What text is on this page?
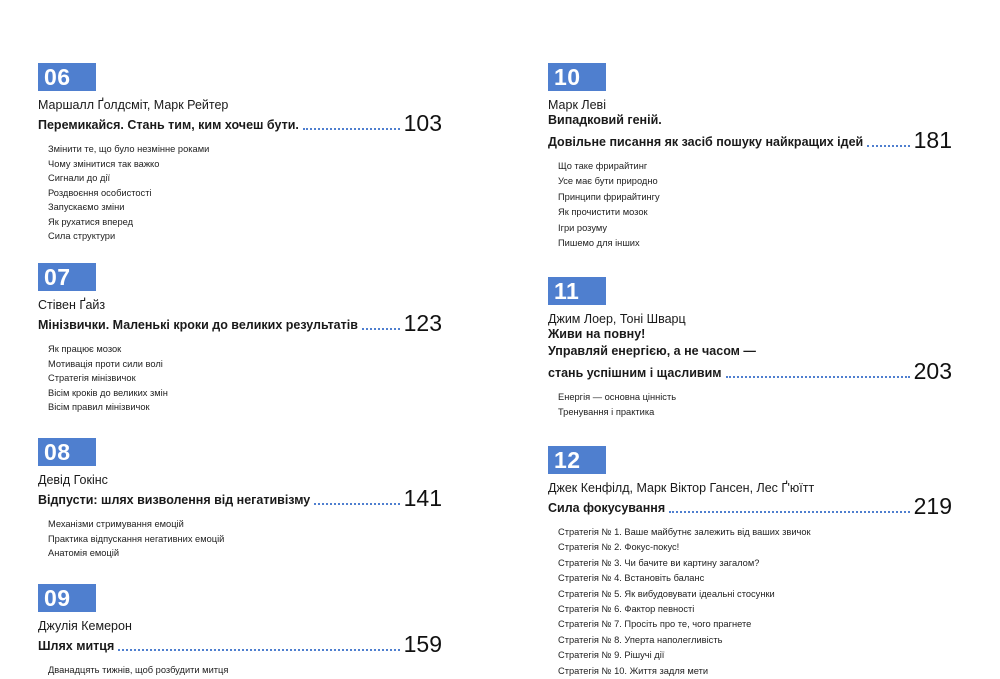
06
Маршалл Ґолдсміт, Марк Рейтер
Перемикайся. Стань тим, ким хочеш бути.	103
Змінити те, що було незмінне роками
Чому змінитися так важко
Сигнали до дії
Роздвоєння особистості
Запускаємо зміни
Як рухатися вперед
Сила структури
07
Стівен Ґайз
Мінізвички. Маленькі кроки до великих результатів 123
Як працює мозок
Мотивація проти сили волі
Стратегія мінізвичок
Вісім кроків до великих змін
Вісім правил мінізвичок
08
Девід Гокінс
Відпусти: шлях визволення від негативізму	141
Механізми стримування емоцій
Практика відпускання негативних емоцій
Анатомія емоцій
09
Джулія Кемерон
Шлях митця	159
Дванадцять тижнів, щоб розбудити митця
10
Марк Леві
Випадковий геній.
Довільне писання як засіб пошуку найкращих ідей 181
Що таке фрирайтинг
Усе має бути природно
Принципи фрирайтингу
Як прочистити мозок
Ігри розуму
Пишемо для інших
11
Джим Лоер, Тоні Шварц
Живи на повну!
Управляй енергією, а не часом —
стань успішним і щасливим	203
Енергія — основна цінність
Тренування і практика
12
Джек Кенфілд, Марк Віктор Гансен, Лес Ґ'юїтт
Сила фокусування	219
Стратегія № 1. Ваше майбутнє залежить від ваших звичок
Стратегія № 2. Фокус-покус!
Стратегія № 3. Чи бачите ви картину загалом?
Стратегія № 4. Встановіть баланс
Стратегія № 5. Як вибудовувати ідеальні стосунки
Стратегія № 6. Фактор певності
Стратегія № 7. Просіть про те, чого прагнете
Стратегія № 8. Уперта наполегливість
Стратегія № 9. Рішучі дії
Стратегія № 10. Життя задля мети
